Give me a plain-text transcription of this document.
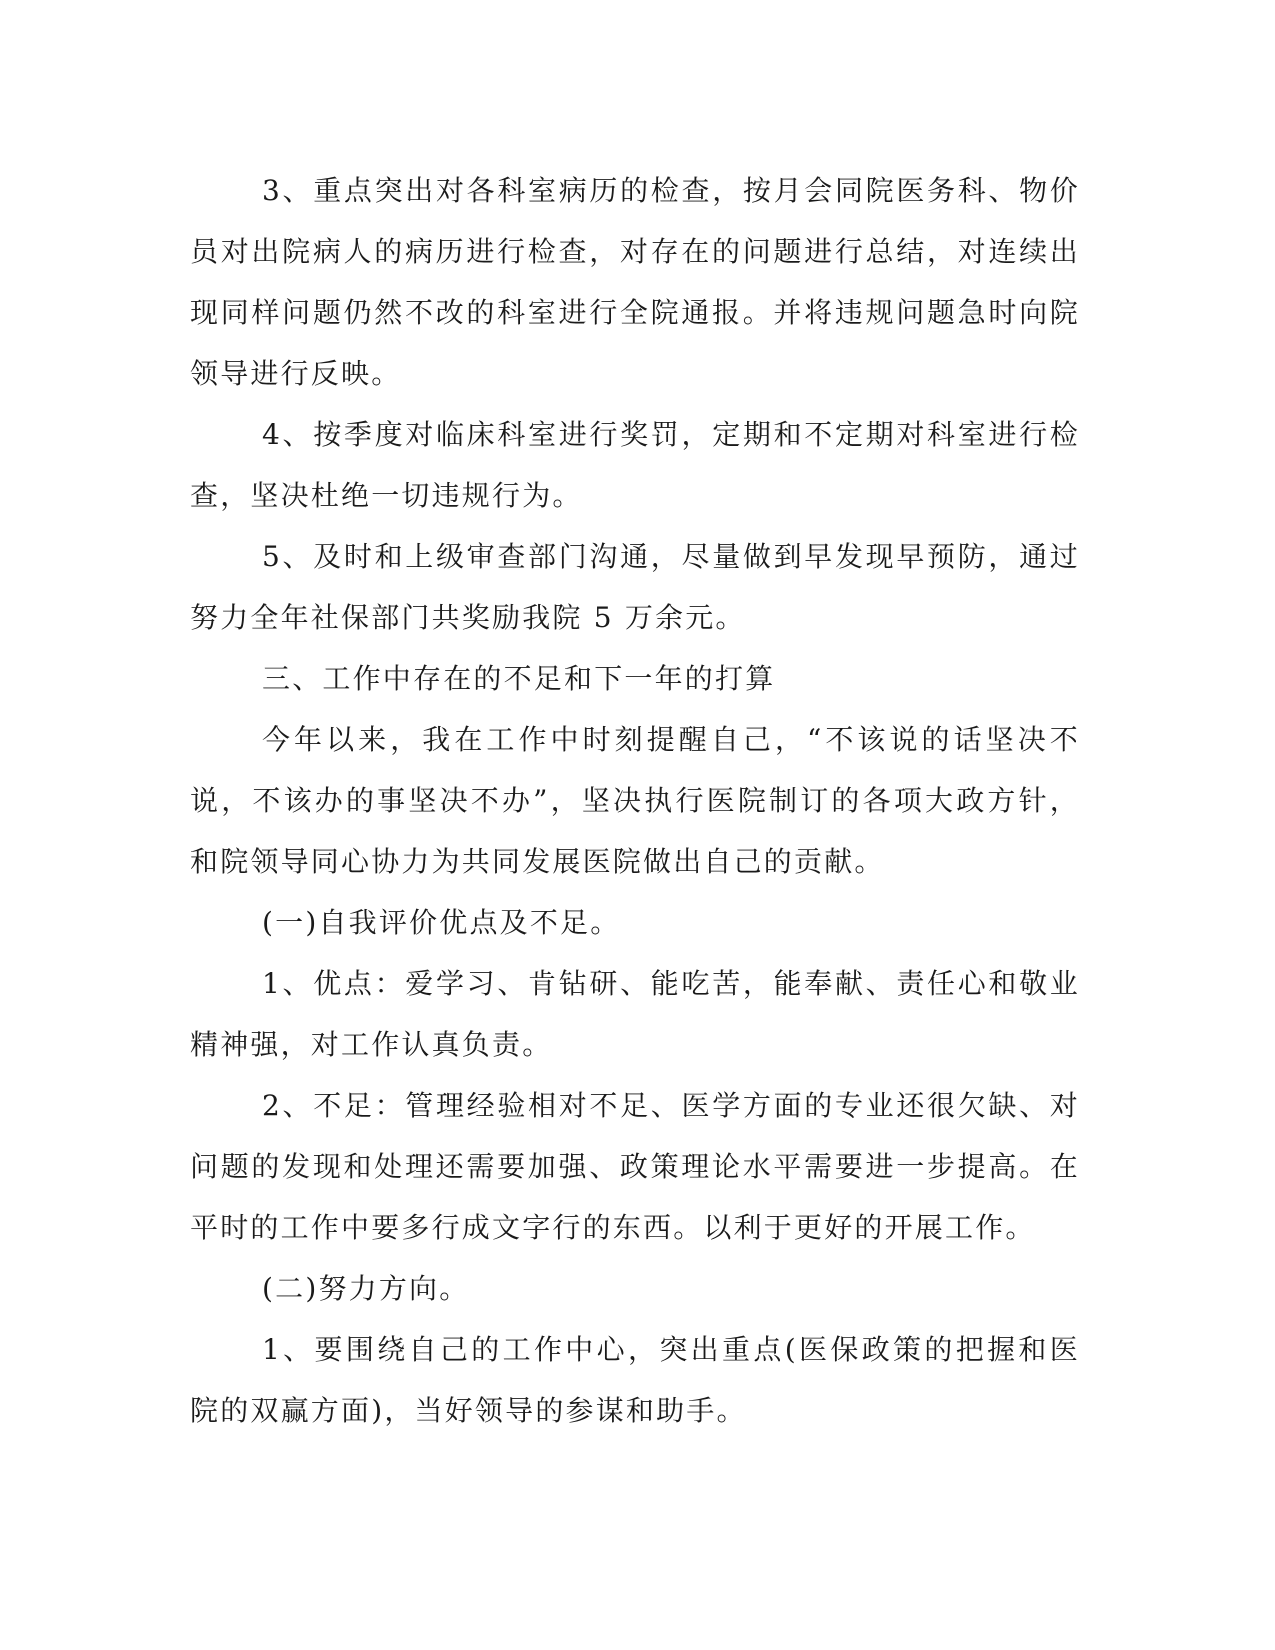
3、重点突出对各科室病历的检查，按月会同院医务科、物价员对出院病人的病历进行检查，对存在的问题进行总结，对连续出现同样问题仍然不改的科室进行全院通报。并将违规问题急时向院领导进行反映。

4、按季度对临床科室进行奖罚，定期和不定期对科室进行检查，坚决杜绝一切违规行为。

5、及时和上级审查部门沟通，尽量做到早发现早预防，通过努力全年社保部门共奖励我院 5 万余元。

三、工作中存在的不足和下一年的打算

今年以来，我在工作中时刻提醒自己，“不该说的话坚决不说，不该办的事坚决不办”，坚决执行医院制订的各项大政方针，和院领导同心协力为共同发展医院做出自己的贡献。

(一)自我评价优点及不足。

1、优点：爱学习、肯钻研、能吃苦，能奉献、责任心和敬业精神强，对工作认真负责。

2、不足：管理经验相对不足、医学方面的专业还很欠缺、对问题的发现和处理还需要加强、政策理论水平需要进一步提高。在平时的工作中要多行成文字行的东西。以利于更好的开展工作。

(二)努力方向。

1、要围绕自己的工作中心，突出重点(医保政策的把握和医院的双赢方面)，当好领导的参谋和助手。
